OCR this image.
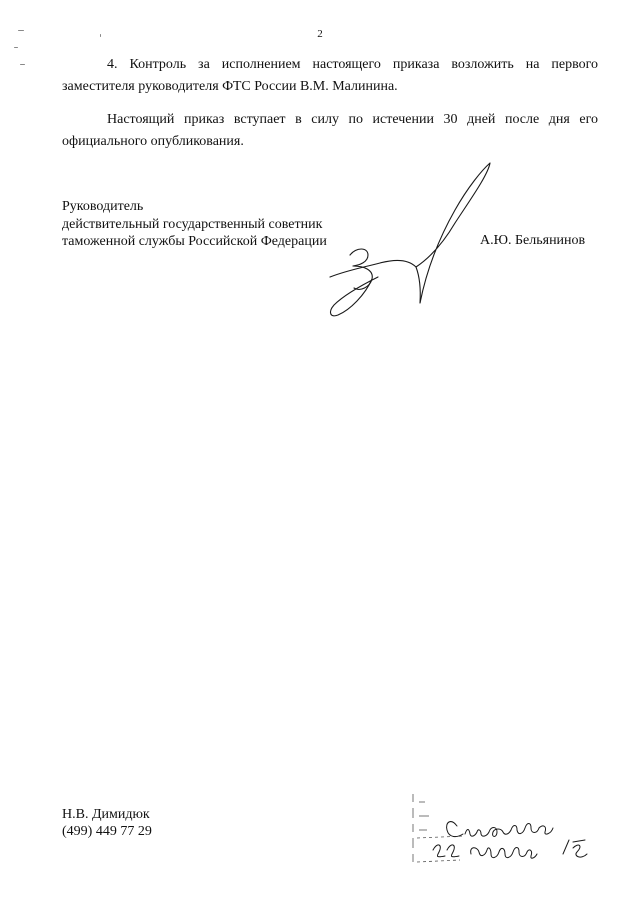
2

4. Контроль за исполнением настоящего приказа возложить на первого заместителя руководителя ФТС России В.М. Малинина.

Настоящий приказ вступает в силу по истечении 30 дней после дня его официального опубликования.

Руководитель
действительный государственный советник
таможенной службы Российской Федерации	А.Ю. Бельянинов
Н.В. Димидюк
(499) 449 77 29
